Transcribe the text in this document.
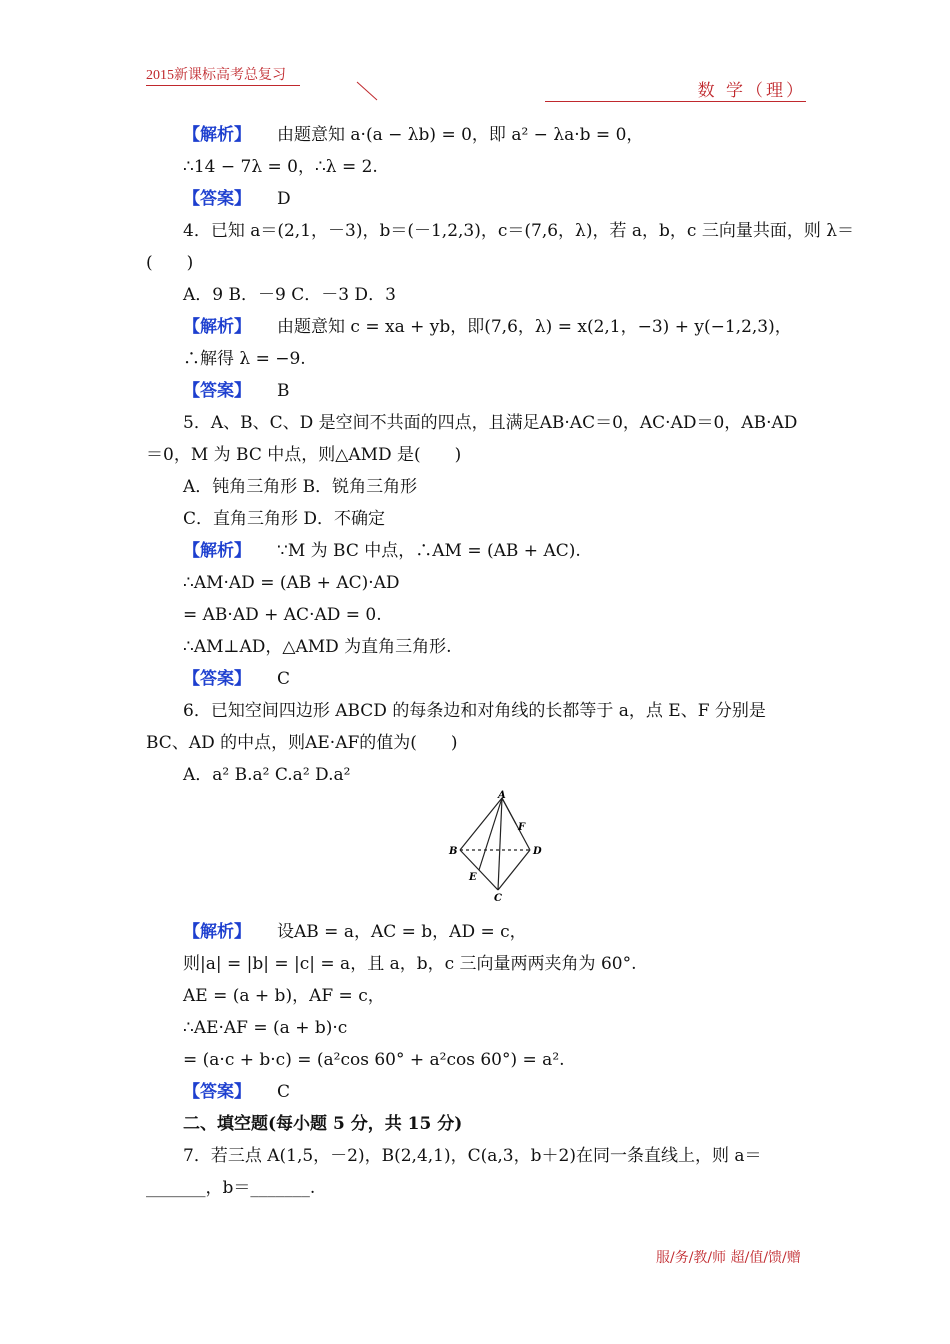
2015新课标高考总复习
数 学（理）
【解析】 由题意知 a·(a − λb) = 0，即 a² − λa·b = 0，
∴14 − 7λ = 0，∴λ = 2.
【答案】 D
4．已知 a＝(2,1，－3)，b＝(－1,2,3)，c＝(7,6，λ)，若 a，b，c 三向量共面，则 λ＝
(　　)
A．9 B．－9 C．－3 D．3
【解析】 由题意知 c = xa + yb，即(7,6，λ) = x(2,1，−3) + y(−1,2,3)，
∴解得 λ = −9.
【答案】 B
5．A、B、C、D 是空间不共面的四点，且满足AB·AC＝0，AC·AD＝0，AB·AD
＝0，M 为 BC 中点，则△AMD 是(　　)
A．钝角三角形 B．锐角三角形
C．直角三角形 D．不确定
【解析】 ∵M 为 BC 中点，∴AM = (AB + AC).
∴AM·AD = (AB + AC)·AD
= AB·AD + AC·AD = 0.
∴AM⊥AD，△AMD 为直角三角形.
【答案】 C
6．已知空间四边形 ABCD 的每条边和对角线的长都等于 a，点 E、F 分别是
BC、AD 的中点，则AE·AF的值为(　　)
A．a² B.a² C.a² D.a²
A
B	D
C
E
F
【解析】 设AB = a，AC = b，AD = c，
则|a| = |b| = |c| = a，且 a，b，c 三向量两两夹角为 60°.
AE = (a + b)，AF = c，
∴AE·AF = (a + b)·c
= (a·c + b·c) = (a²cos 60° + a²cos 60°) = a².
【答案】 C
二、填空题(每小题 5 分，共 15 分)
7．若三点 A(1,5，－2)，B(2,4,1)，C(a,3，b＋2)在同一条直线上，则 a＝
_______，b＝_______.
服/务/教/师 超/值/馈/赠
